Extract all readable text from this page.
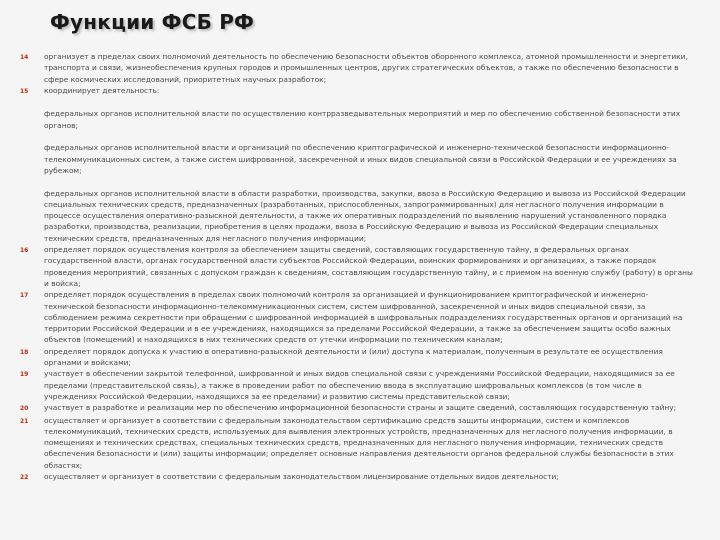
Функции ФСБ РФ
14	организует в пределах своих полномочий деятельность по обеспечению безопасности объектов оборонного комплекса, атомной промышленности и энергетики, транспорта и связи, жизнеобеспечения крупных городов и промышленных центров, других стратегических объектов, а также по обеспечению безопасности в сфере космических исследований, приоритетных научных разработок;
15	координирует деятельность:
федеральных органов исполнительной власти по осуществлению контрразведывательных мероприятий и мер по обеспечению собственной безопасности этих органов;
федеральных органов исполнительной власти и организаций по обеспечению криптографической и инженерно-технической безопасности информационно-телекоммуникационных систем, а также систем шифрованной, засекреченной и иных видов специальной связи в Российской Федерации и ее учреждениях за рубежом;
федеральных органов исполнительной власти в области разработки, производства, закупки, ввоза в Российскую Федерацию и вывоза из Российской Федерации специальных технических средств, предназначенных (разработанных, приспособленных, запрограммированных) для негласного получения информации в процессе осуществления оперативно-разыскной деятельности, а также их оперативных подразделений по выявлению нарушений установленного порядка разработки, производства, реализации, приобретения в целях продажи, ввоза в Российскую Федерацию и вывоза из Российской Федерации специальных технических средств, предназначенных для негласного получения информации;
16	определяет порядок осуществления контроля за обеспечением защиты сведений, составляющих государственную тайну, в федеральных органах государственной власти, органах государственной власти субъектов Российской Федерации, воинских формированиях и организациях, а также порядок проведения мероприятий, связанных с допуском граждан к сведениям, составляющим государственную тайну, и с приемом на военную службу (работу) в органы и войска;
17	определяет порядок осуществления в пределах своих полномочий контроля за организацией и функционированием криптографической и инженерно-технической безопасности информационно-телекоммуникационных систем, систем шифрованной, засекреченной и иных видов специальной связи, за соблюдением режима секретности при обращении с шифрованной информацией в шифровальных подразделениях государственных органов и организаций на территории Российской Федерации и в ее учреждениях, находящихся за пределами Российской Федерации, а также за обеспечением защиты особо важных объектов (помещений) и находящихся в них технических средств от утечки информации по техническим каналам;
18	определяет порядок допуска к участию в оперативно-разыскной деятельности и (или) доступа к материалам, полученным в результате ее осуществления органами и войсками;
19	участвует в обеспечении закрытой телефонной, шифрованной и иных видов специальной связи с учреждениями Российской Федерации, находящимися за ее пределами (представительской связь), а также в проведении работ по обеспечению ввода в эксплуатацию шифровальных комплексов (в том числе в учреждениях Российской Федерации, находящихся за ее пределами) и развитию системы представительской связи;
20	участвует в разработке и реализации мер по обеспечению информационной безопасности страны и защите сведений, составляющих государственную тайну;
21	осуществляет и организует в соответствии с федеральным законодательством сертификацию средств защиты информации, систем и комплексов телекоммуникаций, технических средств, используемых для выявления электронных устройств, предназначенных для негласного получения информации, в помещениях и технических средствах, специальных технических средств, предназначенных для негласного получения информации, технических средств обеспечения безопасности и (или) защиты информации; определяет основные направления деятельности органов федеральной службы безопасности в этих областях;
22	осуществляет и организует в соответствии с федеральным законодательством лицензирование отдельных видов деятельности;
